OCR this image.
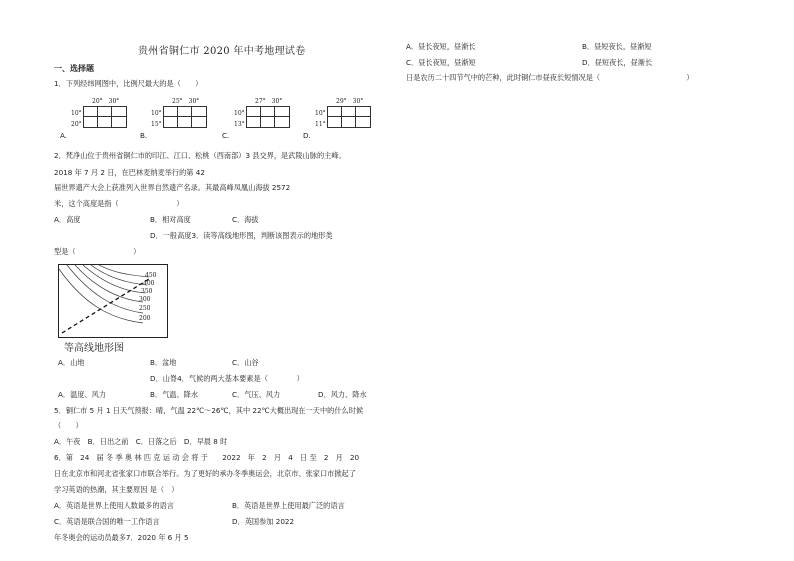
贵州省铜仁市 2020 年中考地理试卷
一、选择题
1．下列经纬网图中，比例尺最大的是（　　）
20°　30°
10°
20°
A.
25°　30°
10°
15°
B.
27°　30°
10°
13°
C.
29°　30°
10°
11°
D.
2．梵净山位于贵州省铜仁市的印江、江口、松桃（西南部）3 县交界，是武陵山脉的主峰。
2018 年 7 月 2 日，在巴林麦纳麦举行的第 42
届世界遗产大会上获准列入世界自然遗产名录。其最高峰凤凰山海拔 2572
米，这个高度是指（　　　　　　　　）
A．高度	B．相对高度	C．海拔
D．一般高度3．读等高线地形图，判断该图表示的地形类
型是（　　　　　　　　）
450
400
350
300
250
200
等高线地形图
A．山地	B．盆地	C．山谷
D．山脊4．气候的两大基本要素是（　　　　）
A．温度、风力	B．气温、降水	C．气压、风力	D．风力、降水
5．铜仁市 5 月 1 日天气预报：晴，气温 22℃～26℃，其中 22℃大概出现在一天中的什么时候
（　　）
A．午夜　B．日出之前　C．日落之后　D．早晨 8 时
6．第　24　届 冬 季 奥 林 匹 克 运 动 会 将 于　　2022　年　2　月　4　日 至　2　月　20
日在北京市和河北省张家口市联合举行。为了更好的承办冬季奥运会，北京市、张家口市掀起了
学习英语的热潮，其主要原因 是（　）
A．英语是世界上使用人数最多的语言	B．英语是世界上使用最广泛的语言
C．英语是联合国的唯一工作语言	D．英国参加 2022
年冬奥会的运动员最多7．2020 年 6 月 5
A．昼长夜短，昼渐长	B．昼短夜长，昼渐短
C．昼长夜短，昼渐短	D．昼短夜长，昼渐长
日是农历二十四节气中的芒种，此时铜仁市昼夜长短情况是（　　　　　　　　　　　　）
